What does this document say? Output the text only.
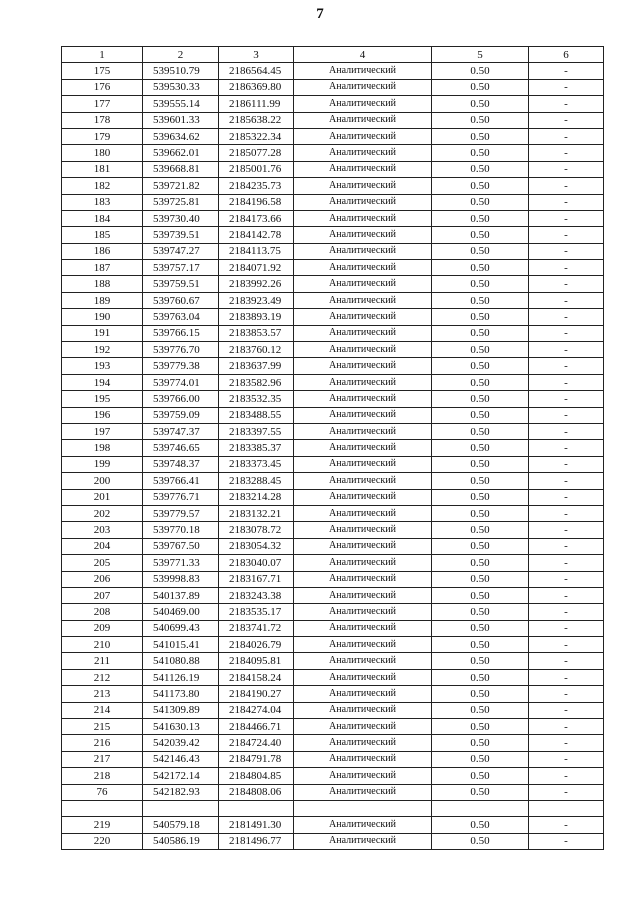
7
1	2	3	4	5	6
175	539510.79	2186564.45	Аналитический	0.50	-
176	539530.33	2186369.80	Аналитический	0.50	-
177	539555.14	2186111.99	Аналитический	0.50	-
178	539601.33	2185638.22	Аналитический	0.50	-
179	539634.62	2185322.34	Аналитический	0.50	-
180	539662.01	2185077.28	Аналитический	0.50	-
181	539668.81	2185001.76	Аналитический	0.50	-
182	539721.82	2184235.73	Аналитический	0.50	-
183	539725.81	2184196.58	Аналитический	0.50	-
184	539730.40	2184173.66	Аналитический	0.50	-
185	539739.51	2184142.78	Аналитический	0.50	-
186	539747.27	2184113.75	Аналитический	0.50	-
187	539757.17	2184071.92	Аналитический	0.50	-
188	539759.51	2183992.26	Аналитический	0.50	-
189	539760.67	2183923.49	Аналитический	0.50	-
190	539763.04	2183893.19	Аналитический	0.50	-
191	539766.15	2183853.57	Аналитический	0.50	-
192	539776.70	2183760.12	Аналитический	0.50	-
193	539779.38	2183637.99	Аналитический	0.50	-
194	539774.01	2183582.96	Аналитический	0.50	-
195	539766.00	2183532.35	Аналитический	0.50	-
196	539759.09	2183488.55	Аналитический	0.50	-
197	539747.37	2183397.55	Аналитический	0.50	-
198	539746.65	2183385.37	Аналитический	0.50	-
199	539748.37	2183373.45	Аналитический	0.50	-
200	539766.41	2183288.45	Аналитический	0.50	-
201	539776.71	2183214.28	Аналитический	0.50	-
202	539779.57	2183132.21	Аналитический	0.50	-
203	539770.18	2183078.72	Аналитический	0.50	-
204	539767.50	2183054.32	Аналитический	0.50	-
205	539771.33	2183040.07	Аналитический	0.50	-
206	539998.83	2183167.71	Аналитический	0.50	-
207	540137.89	2183243.38	Аналитический	0.50	-
208	540469.00	2183535.17	Аналитический	0.50	-
209	540699.43	2183741.72	Аналитический	0.50	-
210	541015.41	2184026.79	Аналитический	0.50	-
211	541080.88	2184095.81	Аналитический	0.50	-
212	541126.19	2184158.24	Аналитический	0.50	-
213	541173.80	2184190.27	Аналитический	0.50	-
214	541309.89	2184274.04	Аналитический	0.50	-
215	541630.13	2184466.71	Аналитический	0.50	-
216	542039.42	2184724.40	Аналитический	0.50	-
217	542146.43	2184791.78	Аналитический	0.50	-
218	542172.14	2184804.85	Аналитический	0.50	-
76	542182.93	2184808.06	Аналитический	0.50	-

219	540579.18	2181491.30	Аналитический	0.50	-
220	540586.19	2181496.77	Аналитический	0.50	-
